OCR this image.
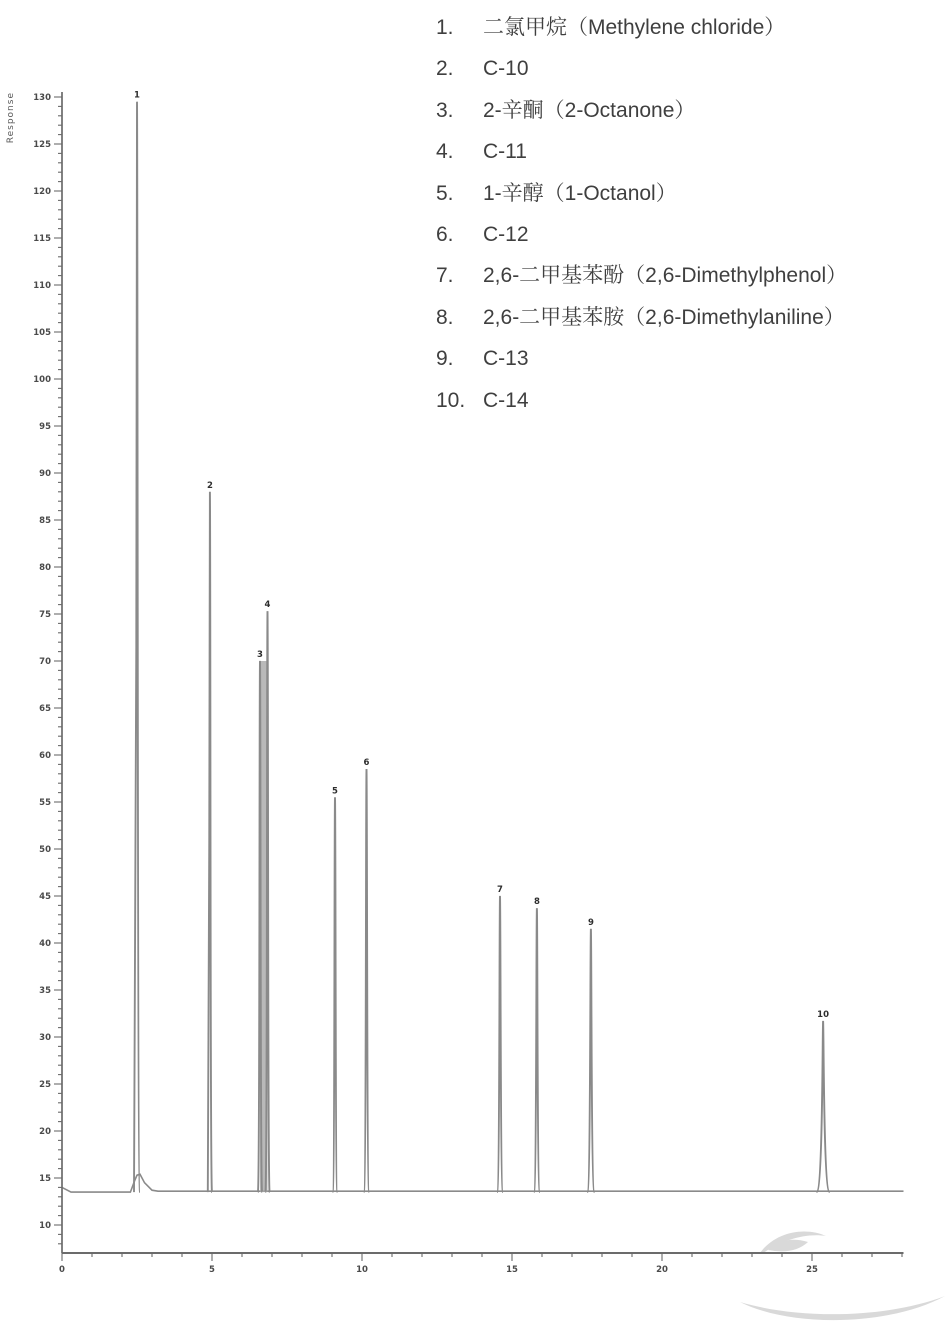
Response	1
2
3
4
5
6
7
8
9
10
10
15
20
25
30
35
40
45
50
55
60
65
70
75
80
85
90
95
100
105
110
115
120
125
130
0	5	10	15	20	25
1.	二氯甲烷（Methylene chloride）
2.	C-10
3.	2-辛酮（2-Octanone）
4.	C-11
5.	1-辛醇（1-Octanol）
6.	C-12
7.	2,6-二甲基苯酚（2,6-Dimethylphenol）
8.	2,6-二甲基苯胺（2,6-Dimethylaniline）
9.	C-13
10. C-14
